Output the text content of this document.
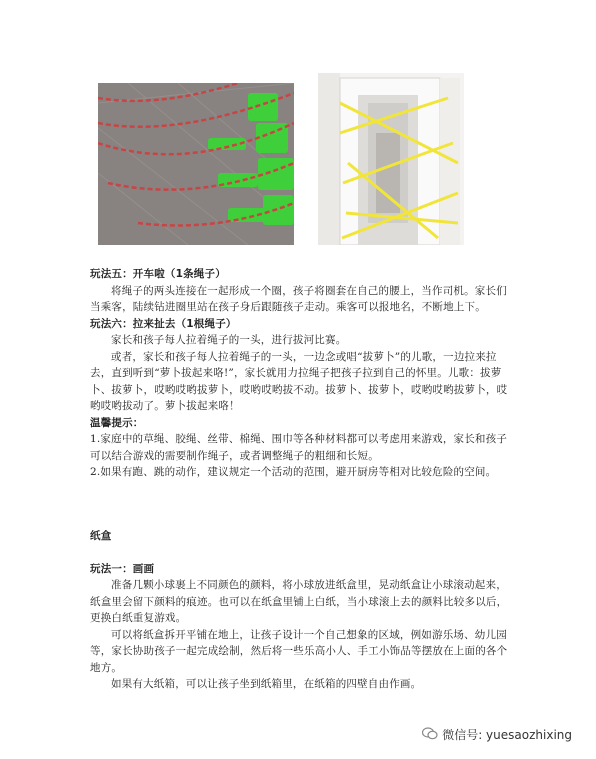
玩法五：开车啦（1条绳子）

将绳子的两头连接在一起形成一个圈，孩子将圈套在自己的腰上，当作司机。家长们当乘客，陆续钻进圈里站在孩子身后跟随孩子走动。乘客可以报地名，不断地上下。

玩法六：拉来扯去（1根绳子）

家长和孩子每人拉着绳子的一头，进行拔河比赛。

或者，家长和孩子每人拉着绳子的一头，一边念或唱“拔萝卜”的儿歌，一边拉来拉去，直到听到“萝卜拔起来咯!”，家长就用力拉绳子把孩子拉到自己的怀里。儿歌：拔萝卜、拔萝卜，哎哟哎哟拔萝卜，哎哟哎哟拔不动。拔萝卜、拔萝卜，哎哟哎哟拔萝卜，哎哟哎哟拔动了。萝卜拔起来咯！

温馨提示：

1.家庭中的草绳、胶绳、丝带、棉绳、围巾等各种材料都可以考虑用来游戏，家长和孩子可以结合游戏的需要制作绳子，或者调整绳子的粗细和长短。

2.如果有跑、跳的动作，建议规定一个活动的范围，避开厨房等相对比较危险的空间。

纸盒

玩法一：画画

准备几颗小球裹上不同颜色的颜料，将小球放进纸盒里，晃动纸盒让小球滚动起来，纸盒里会留下颜料的痕迹。也可以在纸盒里铺上白纸，当小球滚上去的颜料比较多以后，更换白纸重复游戏。

可以将纸盒拆开平铺在地上，让孩子设计一个自己想象的区域，例如游乐场、幼儿园等，家长协助孩子一起完成绘制，然后将一些乐高小人、手工小饰品等摆放在上面的各个地方。

如果有大纸箱，可以让孩子坐到纸箱里，在纸箱的四壁自由作画。

微信号: yuesaozhixing
